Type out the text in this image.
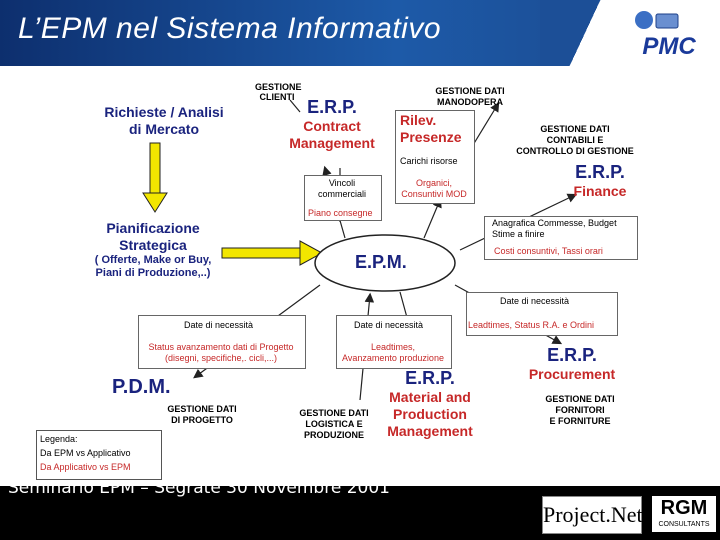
L’EPM nel Sistema Informativo
PMC
Richieste / Analisi
di Mercato
GESTIONE
CLIENTI E.R.P.
Contract
Management
GESTIONE DATI
MANODOPERA
Rilev.
Presenze
Carichi risorse
Organici,
Consuntivi MOD
GESTIONE DATI
CONTABILI E
CONTROLLO DI GESTIONE
E.R.P.
Finance
Vincoli
commerciali
Piano consegne
Pianificazione
Strategica
( Offerte, Make or Buy,
Piani di Produzione,..)
Anagrafica Commesse, Budget
Stime a finire
Costi consuntivi, Tassi orari
E.P.M.
Date di necessità
Leadtimes, Status R.A. e Ordini
Date di necessità
Status avanzamento dati di Progetto
(disegni, specifiche,. cicli,...)
Date di necessità
Leadtimes,
Avanzamento produzione	E.R.P.
Procurement
GESTIONE DATI
FORNITORI
E FORNITURE
P.D.M.
GESTIONE DATI
DI PROGETTO
GESTIONE DATI
LOGISTICA E
PRODUZIONE
E.R.P.
Material and
Production
Management
Legenda:
Da EPM vs Applicativo
Da Applicativo vs EPM
Seminario EPM – Segrate 30 Novembre 2001
Project.Net RGM
CONSULTANTS
